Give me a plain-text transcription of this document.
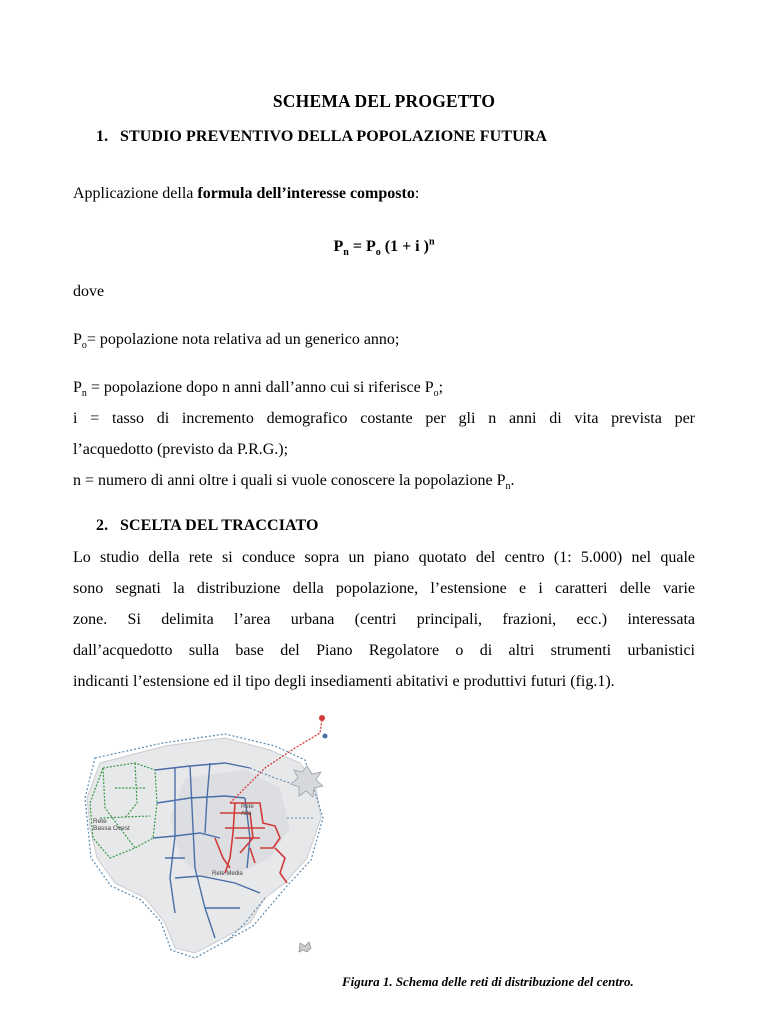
SCHEMA DEL PROGETTO
1. STUDIO PREVENTIVO DELLA POPOLAZIONE FUTURA
Applicazione della formula dell’interesse composto:
$P_n = P_o$ (1 + i )$^n$
dove
$P_o=$ popolazione nota relativa ad un generico anno;
$P_n$ = popolazione dopo n anni dall’anno cui si riferisce $P_o$;
i = tasso di incremento demografico costante per gli n anni di vita prevista per
l’acquedotto (previsto da P.R.G.);
n = numero di anni oltre i quali si vuole conoscere la popolazione $P_n$.
2. SCELTA DEL TRACCIATO
Lo studio della rete si conduce sopra un piano quotato del centro (1: 5.000) nel quale
sono segnati la distribuzione della popolazione, l’estensione e i caratteri delle varie
zone. Si delimita l’area urbana (centri principali, frazioni, ecc.) interessata
dall’acquedotto sulla base del Piano Regolatore o di altri strumenti urbanistici
indicanti l’estensione ed il tipo degli insediamenti abitativi e produttivi futuri (fig.1).
Rete
Bassa Ovest
Rete
Alta
Rete Media
Figura 1. Schema delle reti di distribuzione del centro.
